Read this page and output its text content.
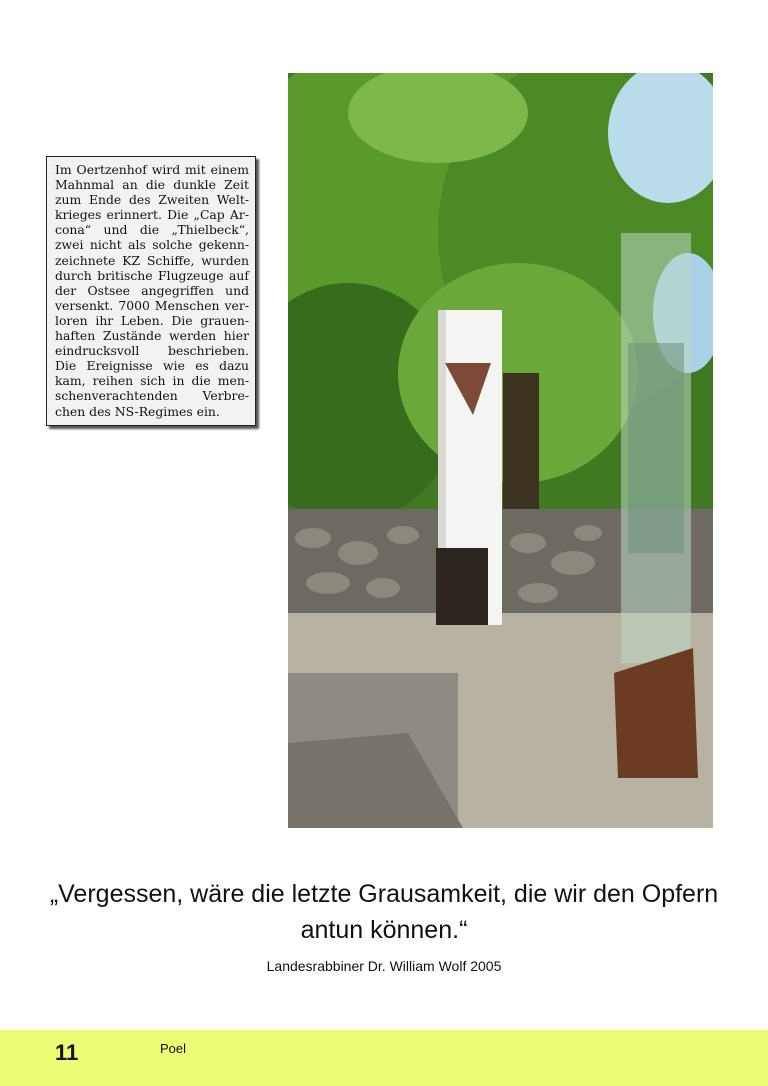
Im Oertzenhof wird mit einem Mahnmal an die dunkle Zeit zum Ende des Zweiten Weltkrieges erinnert. Die „Cap Arcona“ und die „Thielbeck“, zwei nicht als solche gekennzeichnete KZ Schiffe, wurden durch britische Flugzeuge auf der Ostsee angegriffen und versenkt. 7000 Menschen verloren ihr Leben. Die grauenhaften Zustände werden hier eindrucksvoll beschrieben. Die Ereignisse wie es dazu kam, reihen sich in die menschenverachtenden Verbrechen des NS-Regimes ein.
„Vergessen, wäre die letzte Grausamkeit, die wir den Opfern antun können.“
Landesrabbiner Dr. William Wolf 2005
11	Poel
